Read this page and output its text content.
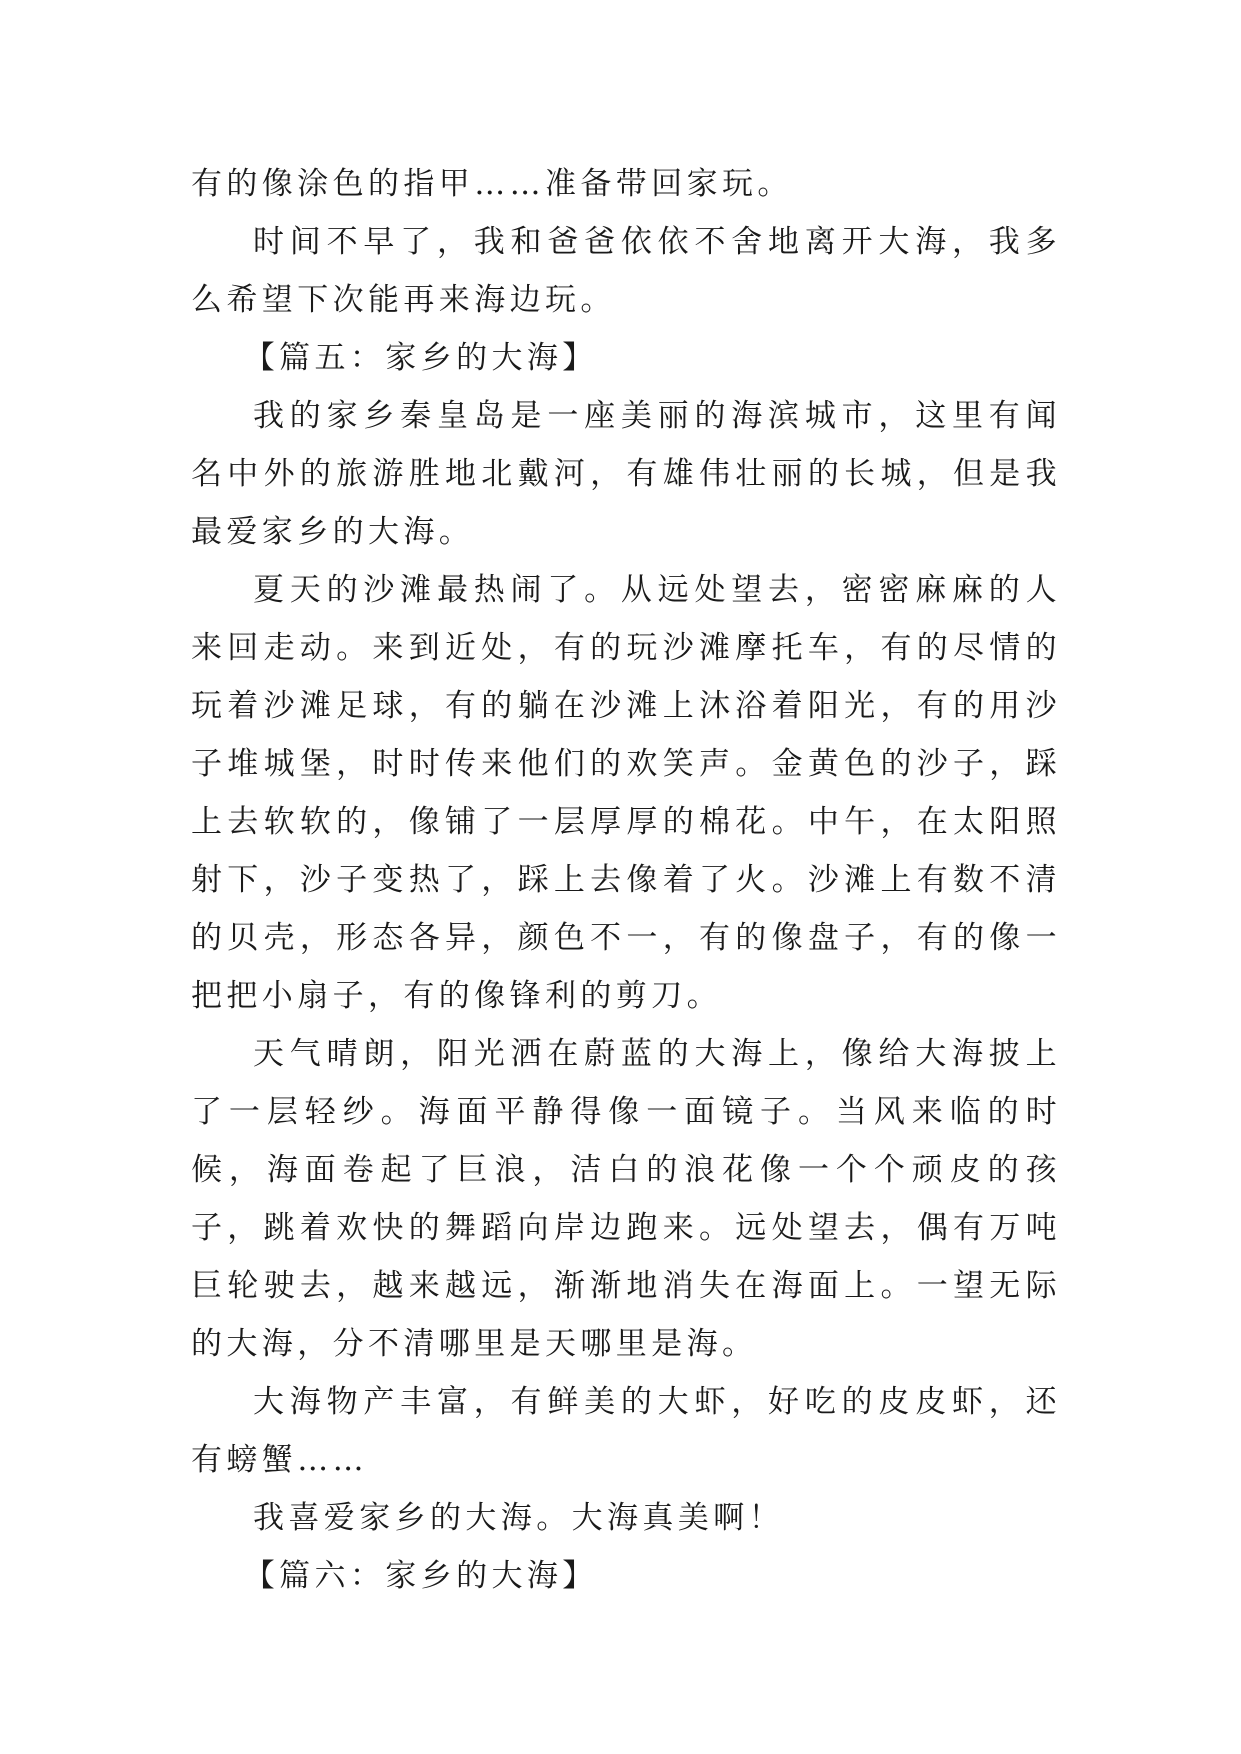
有的像涂色的指甲……准备带回家玩。

时间不早了，我和爸爸依依不舍地离开大海，我多么希望下次能再来海边玩。

【篇五：家乡的大海】

我的家乡秦皇岛是一座美丽的海滨城市，这里有闻名中外的旅游胜地北戴河，有雄伟壮丽的长城，但是我最爱家乡的大海。

夏天的沙滩最热闹了。从远处望去，密密麻麻的人来回走动。来到近处，有的玩沙滩摩托车，有的尽情的玩着沙滩足球，有的躺在沙滩上沐浴着阳光，有的用沙子堆城堡，时时传来他们的欢笑声。金黄色的沙子，踩上去软软的，像铺了一层厚厚的棉花。中午，在太阳照射下，沙子变热了，踩上去像着了火。沙滩上有数不清的贝壳，形态各异，颜色不一，有的像盘子，有的像一把把小扇子，有的像锋利的剪刀。

天气晴朗，阳光洒在蔚蓝的大海上，像给大海披上了一层轻纱。海面平静得像一面镜子。当风来临的时候，海面卷起了巨浪，洁白的浪花像一个个顽皮的孩子，跳着欢快的舞蹈向岸边跑来。远处望去，偶有万吨巨轮驶去，越来越远，渐渐地消失在海面上。一望无际的大海，分不清哪里是天哪里是海。

大海物产丰富，有鲜美的大虾，好吃的皮皮虾，还有螃蟹……

我喜爱家乡的大海。大海真美啊！

【篇六：家乡的大海】
